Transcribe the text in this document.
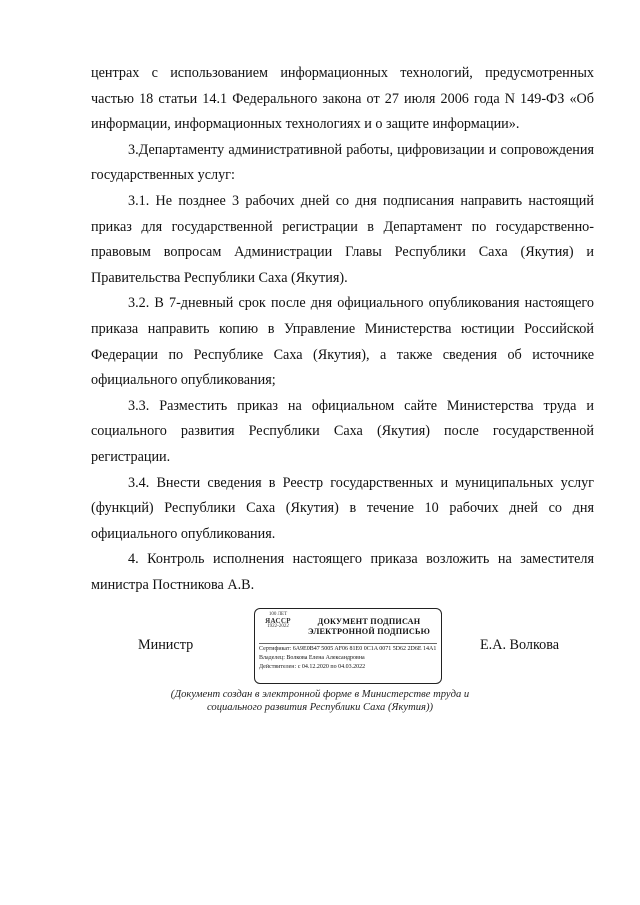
центрах с использованием информационных технологий, предусмотренных частью 18 статьи 14.1 Федерального закона от 27 июля 2006 года N 149-ФЗ «Об информации, информационных технологиях и о защите информации».

3.Департаменту административной работы, цифровизации и сопровождения государственных услуг:

3.1. Не позднее 3 рабочих дней со дня подписания направить настоящий приказ для государственной регистрации в Департамент по государственно-правовым вопросам Администрации Главы Республики Саха (Якутия) и Правительства Республики Саха (Якутия).

3.2. В 7-дневный срок после дня официального опубликования настоящего приказа направить копию в Управление Министерства юстиции Российской Федерации по Республике Саха (Якутия), а также сведения об источнике официального опубликования;

3.3. Разместить приказ на официальном сайте Министерства труда и социального развития Республики Саха (Якутия) после государственной регистрации.

3.4. Внести сведения в Реестр государственных и муниципальных услуг (функций) Республики Саха (Якутия) в течение 10 рабочих дней со дня официального опубликования.

4. Контроль исполнения настоящего приказа возложить на заместителя министра Постникова А.В.

Министр
100 ЛЕТ
ЯАССР
1922-2022
ДОКУМЕНТ ПОДПИСАН
ЭЛЕКТРОННОЙ ПОДПИСЬЮ
Сертификат: 6A9E0B47 5005 AF06 81E0 0C1A 0071 5D62 2D6E 14A1
Владелец: Волкова Елена Александровна
Действителен: с 04.12.2020 по 04.03.2022
Е.А. Волкова
(Документ создан в электронной форме в Министерстве труда и
социального развития Республики Саха (Якутия))
